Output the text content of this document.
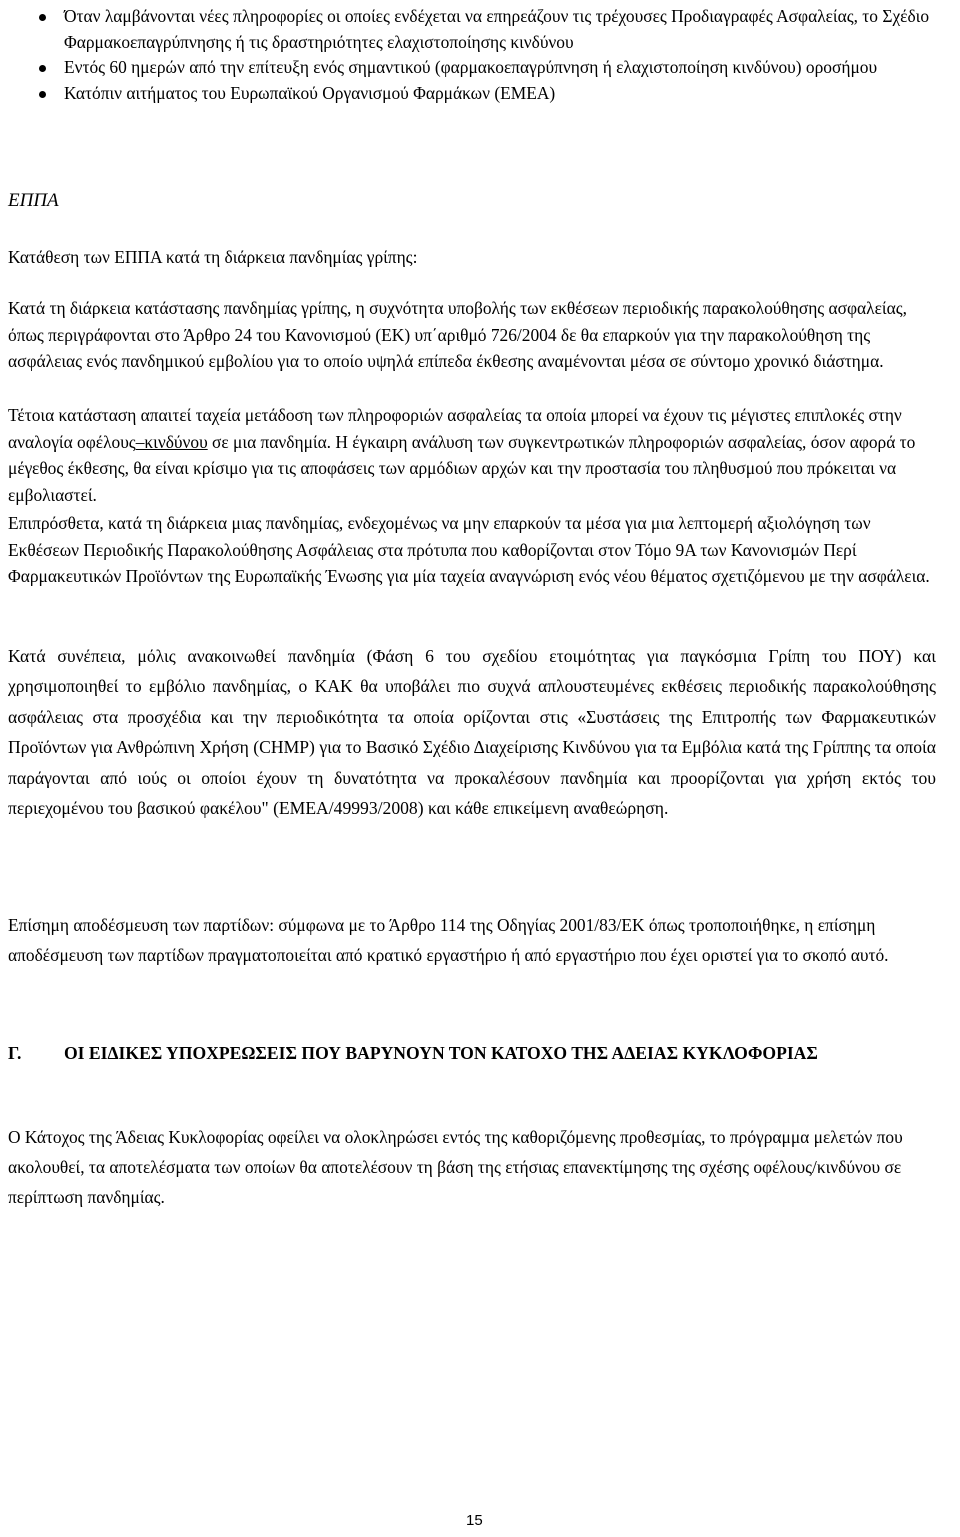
Όταν λαμβάνονται νέες πληροφορίες οι οποίες ενδέχεται να επηρεάζουν τις τρέχουσες Προδιαγραφές Ασφαλείας, το Σχέδιο Φαρμακοεπαγρύπνησης ή τις δραστηριότητες ελαχιστοποίησης κινδύνου
Εντός 60 ημερών από την επίτευξη ενός σημαντικού (φαρμακοεπαγρύπνηση ή ελαχιστοποίηση κινδύνου) οροσήμου
Κατόπιν αιτήματος του Ευρωπαϊκού Οργανισμού Φαρμάκων (EMEA)
ΕΠΠΑ
Κατάθεση των ΕΠΠΑ κατά τη διάρκεια πανδημίας γρίπης:

Κατά τη διάρκεια κατάστασης πανδημίας γρίπης, η συχνότητα υποβολής των εκθέσεων περιοδικής παρακολούθησης ασφαλείας, όπως περιγράφονται στο Άρθρο 24 του Κανονισμού (ΕΚ) υπ΄αριθμό 726/2004 δε θα επαρκούν για την παρακολούθηση της ασφάλειας ενός πανδημικού εμβολίου για το οποίο υψηλά επίπεδα έκθεσης αναμένονται μέσα σε σύντομο χρονικό διάστημα.

Τέτοια κατάσταση απαιτεί ταχεία μετάδοση των πληροφοριών ασφαλείας τα οποία μπορεί να έχουν τις μέγιστες επιπλοκές στην αναλογία οφέλους–κινδύνου σε μια πανδημία. Η έγκαιρη ανάλυση των συγκεντρωτικών πληροφοριών ασφαλείας, όσον αφορά το μέγεθος έκθεσης, θα είναι κρίσιμο για τις αποφάσεις των αρμόδιων αρχών και την προστασία του πληθυσμού που πρόκειται να εμβολιαστεί.

Επιπρόσθετα, κατά τη διάρκεια μιας πανδημίας, ενδεχομένως να μην επαρκούν τα μέσα για μια λεπτομερή αξιολόγηση των Εκθέσεων Περιοδικής Παρακολούθησης Ασφάλειας στα πρότυπα που καθορίζονται στον Τόμο 9Α των Κανονισμών Περί Φαρμακευτικών Προϊόντων της Ευρωπαϊκής Ένωσης για μία ταχεία αναγνώριση ενός νέου θέματος σχετιζόμενου με την ασφάλεια.

Κατά συνέπεια, μόλις ανακοινωθεί πανδημία (Φάση 6 του σχεδίου ετοιμότητας για παγκόσμια Γρίπη του ΠΟΥ) και χρησιμοποιηθεί το εμβόλιο πανδημίας, ο ΚΑΚ θα υποβάλει πιο συχνά απλουστευμένες εκθέσεις περιοδικής παρακολούθησης ασφάλειας στα προσχέδια και την περιοδικότητα τα οποία ορίζονται στις «Συστάσεις της Επιτροπής των Φαρμακευτικών Προϊόντων για Ανθρώπινη Χρήση (CHMP) για το Βασικό Σχέδιο Διαχείρισης Κινδύνου για τα Εμβόλια κατά της Γρίππης τα οποία παράγονται από ιούς οι οποίοι έχουν τη δυνατότητα να προκαλέσουν πανδημία και προορίζονται για χρήση εκτός του περιεχομένου του βασικού φακέλου" (EMEA/49993/2008) και κάθε επικείμενη αναθεώρηση.

Επίσημη αποδέσμευση των παρτίδων: σύμφωνα με το Άρθρο 114 της Οδηγίας 2001/83/ΕΚ όπως τροποποιήθηκε, η επίσημη αποδέσμευση των παρτίδων πραγματοποιείται από κρατικό εργαστήριο ή από εργαστήριο που έχει οριστεί για το σκοπό αυτό.

Γ. ΟΙ ΕΙΔΙΚΕΣ ΥΠΟΧΡΕΩΣΕΙΣ ΠΟΥ ΒΑΡΥΝΟΥΝ ΤΟΝ ΚΑΤΟΧΟ ΤΗΣ ΑΔΕΙΑΣ ΚΥΚΛΟΦΟΡΙΑΣ

Ο Κάτοχος της Άδειας Κυκλοφορίας οφείλει να ολοκληρώσει εντός της καθοριζόμενης προθεσμίας, το πρόγραμμα μελετών που ακολουθεί, τα αποτελέσματα των οποίων θα αποτελέσουν τη βάση της ετήσιας επανεκτίμησης της σχέσης οφέλους/κινδύνου σε περίπτωση πανδημίας.

15
